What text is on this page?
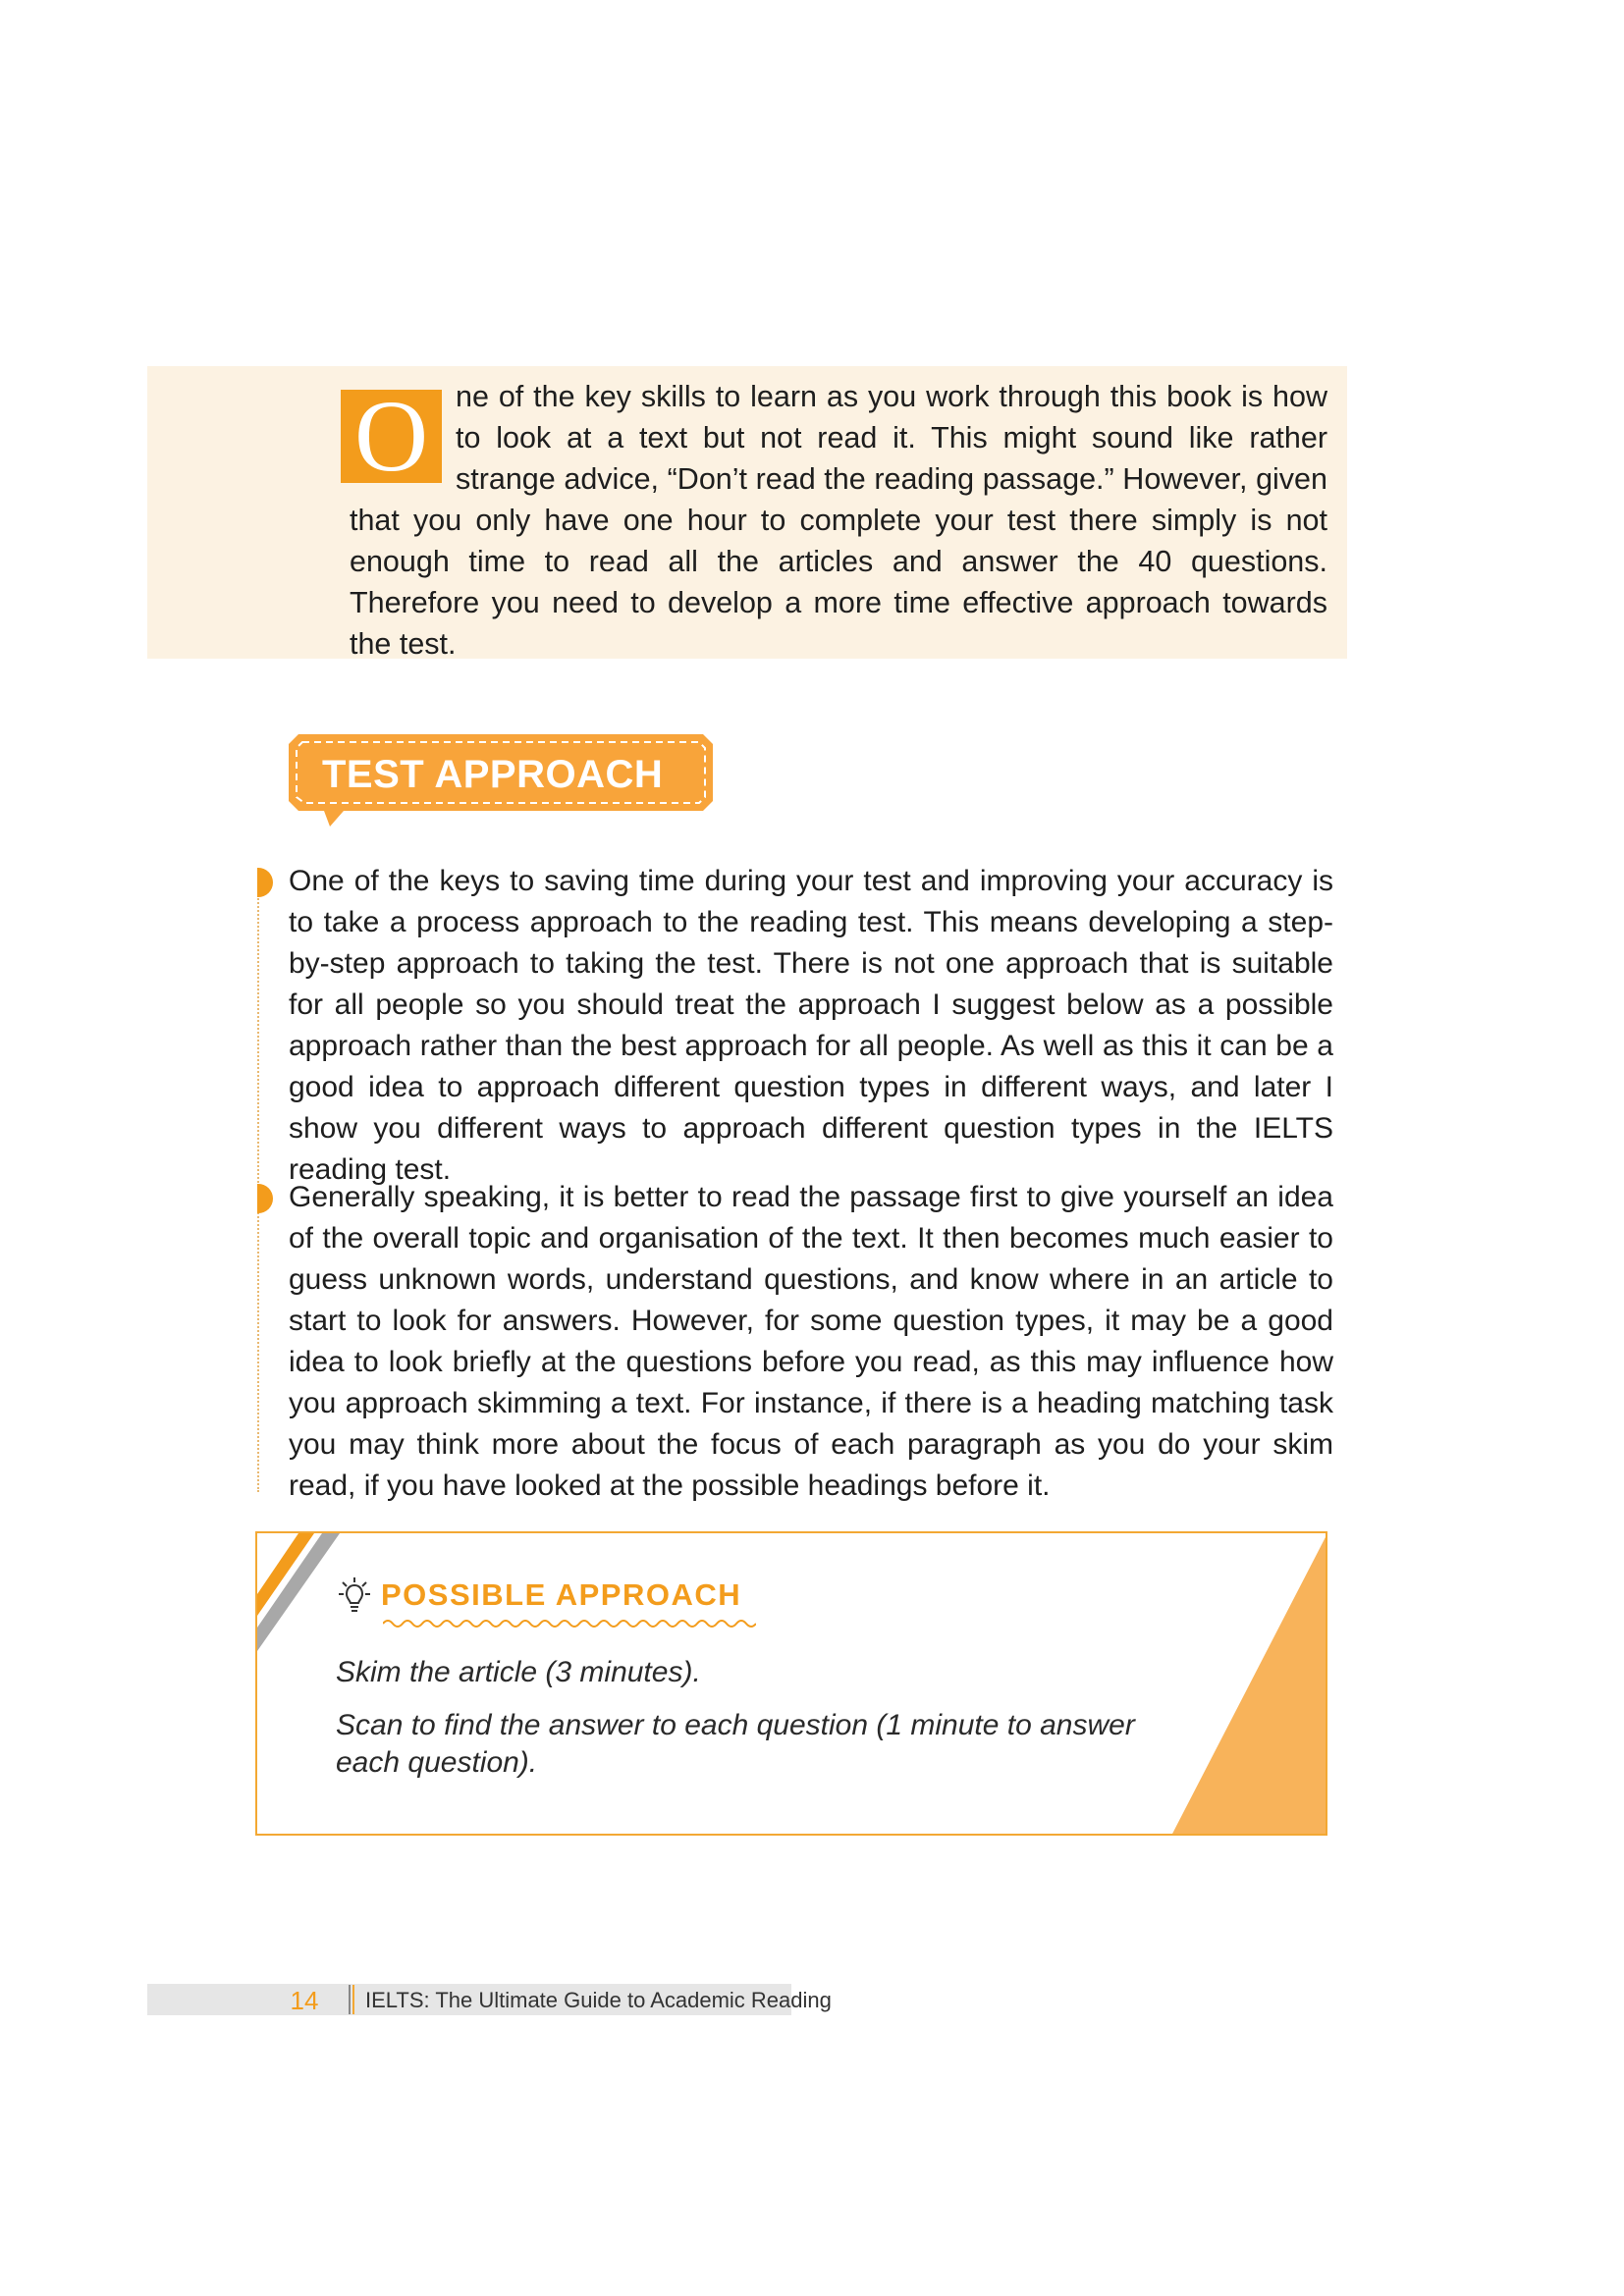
O ne of the key skills to learn as you work through this book is how to look at a text but not read it. This might sound like rather strange advice, “Don’t read the reading passage.” However, given that you only have one hour to complete your test there simply is not enough time to read all the articles and answer the 40 questions. Therefore you need to develop a more time effective approach towards the test.
TEST APPROACH

One of the keys to saving time during your test and improving your accuracy is to take a process approach to the reading test. This means developing a step-by-step approach to taking the test. There is not one approach that is suitable for all people so you should treat the approach I suggest below as a possible approach rather than the best approach for all people. As well as this it can be a good idea to approach different question types in different ways, and later I show you different ways to approach different question types in the IELTS reading test.

Generally speaking, it is better to read the passage first to give yourself an idea of the overall topic and organisation of the text. It then becomes much easier to guess unknown words, understand questions, and know where in an article to start to look for answers. However, for some question types, it may be a good idea to look briefly at the questions before you read, as this may influence how you approach skimming a text. For instance, if there is a heading matching task you may think more about the focus of each paragraph as you do your skim read, if you have looked at the possible headings before it.

POSSIBLE APPROACH

Skim the article (3 minutes).

Scan to find the answer to each question (1 minute to answer each question).

14 IELTS: The Ultimate Guide to Academic Reading
